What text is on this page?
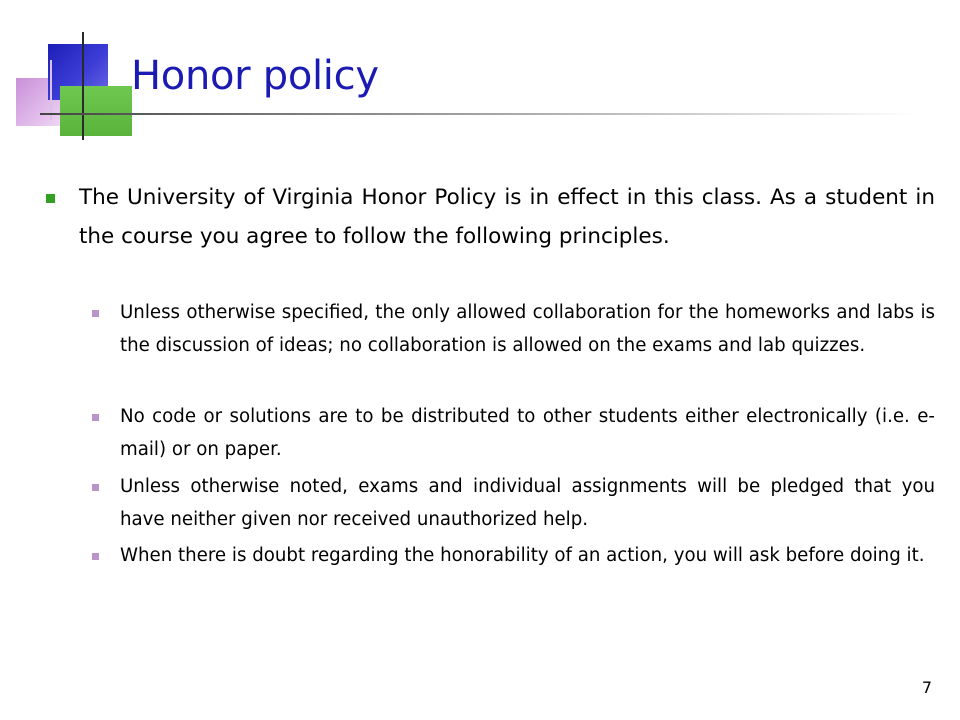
Honor policy
The University of Virginia Honor Policy is in effect in this class. As a student in the course you agree to follow the following principles.
Unless otherwise specified, the only allowed collaboration for the homeworks and labs is the discussion of ideas; no collaboration is allowed on the exams and lab quizzes.
No code or solutions are to be distributed to other students either electronically (i.e. e-mail) or on paper.
Unless otherwise noted, exams and individual assignments will be pledged that you have neither given nor received unauthorized help.
When there is doubt regarding the honorability of an action, you will ask before doing it.
7
